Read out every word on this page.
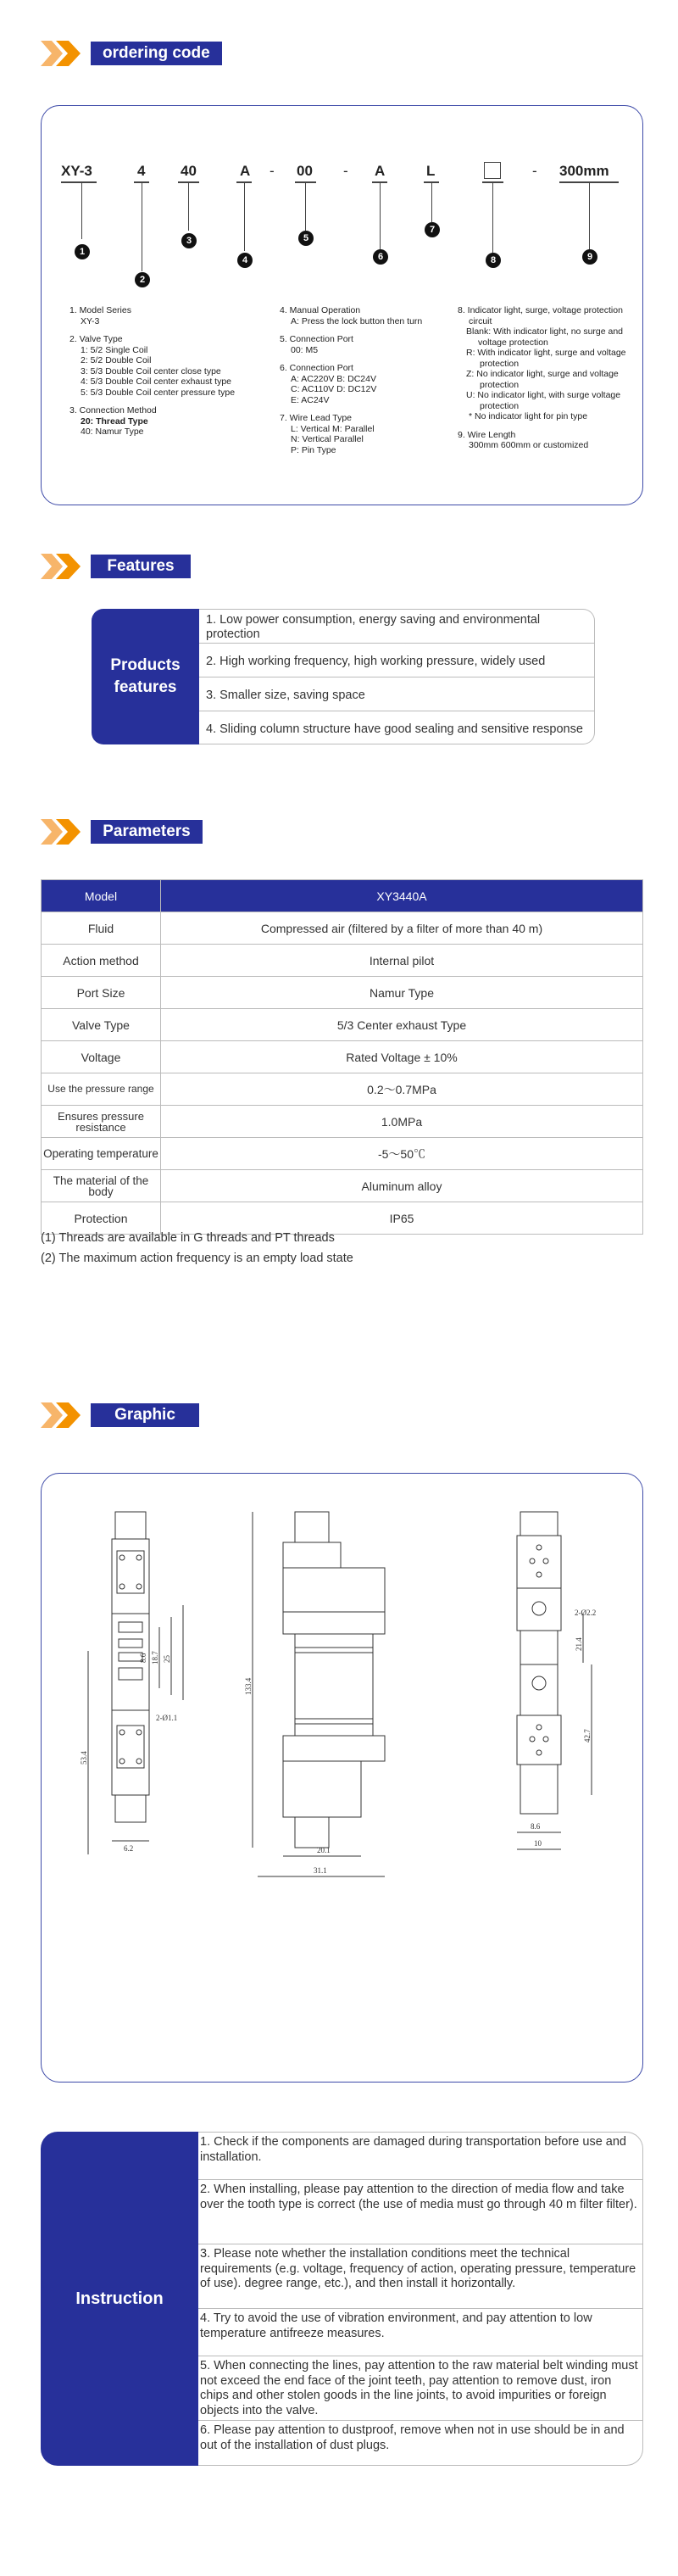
ordering code
XY-3	4 40	A - 00 - A	L	- 300mm
1
2
3
4
5
6
7
8	9
1. Model Series
XY-3
2. Valve Type
1: 5/2 Single Coil
2: 5/2 Double Coil
3: 5/3 Double Coil center close type
4: 5/3 Double Coil center exhaust type
5: 5/3 Double Coil center pressure type
3. Connection Method
20: Thread Type
40: Namur Type
4. Manual Operation
A: Press the lock button then turn
5. Connection Port
00: M5
6. Connection Port
A: AC220V B: DC24V
C: AC110V D: DC12V
E: AC24V
7. Wire Lead Type
L: Vertical M: Parallel
N: Vertical Parallel
P: Pin Type
8. Indicator light, surge, voltage protection circuit
Blank: With indicator light, no surge and voltage protection
R: With indicator light, surge and voltage protection
Z: No indicator light, surge and voltage protection
U: No indicator light, with surge voltage protection
* No indicator light for pin type
9. Wire Length
300mm 600mm or customized
Features
Products features
1. Low power consumption, energy saving and environmental protection
2. High working frequency, high working pressure, widely used
3. Smaller size, saving space
4. Sliding column structure have good sealing and sensitive response
Parameters
Model	XY3440A
Fluid	Compressed air (filtered by a filter of more than 40 m)
Action method	Internal pilot
Port Size	Namur Type
Valve Type	5/3 Center exhaust Type
Voltage	Rated Voltage ± 10%
Use the pressure range	0.2～0.7MPa
Ensures pressure resistance	1.0MPa
Operating temperature	-5～50℃
The material of the body	Aluminum alloy
Protection	IP65
(1) Threads are available in G threads and PT threads
(2) The maximum action frequency is an empty load state
Graphic
18.7 25
8.6
2-Ø1.1
53.4
6.2
133.4
20.1
31.1
2-Ø2.2
21.4
42.7
8.6
10
Instruction
1. Check if the components are damaged during transportation before use and installation.
2. When installing, please pay attention to the direction of media flow and take over the tooth type is correct (the use of media must go through 40 m filter filter).
3. Please note whether the installation conditions meet the technical requirements (e.g. voltage, frequency of action, operating pressure, temperature of use). degree range, etc.), and then install it horizontally.
4. Try to avoid the use of vibration environment, and pay attention to low temperature antifreeze measures.
5. When connecting the lines, pay attention to the raw material belt winding must not exceed the end face of the joint teeth, pay attention to remove dust, iron chips and other stolen goods in the line joints, to avoid impurities or foreign objects into the valve.
6. Please pay attention to dustproof, remove when not in use should be in and out of the installation of dust plugs.
